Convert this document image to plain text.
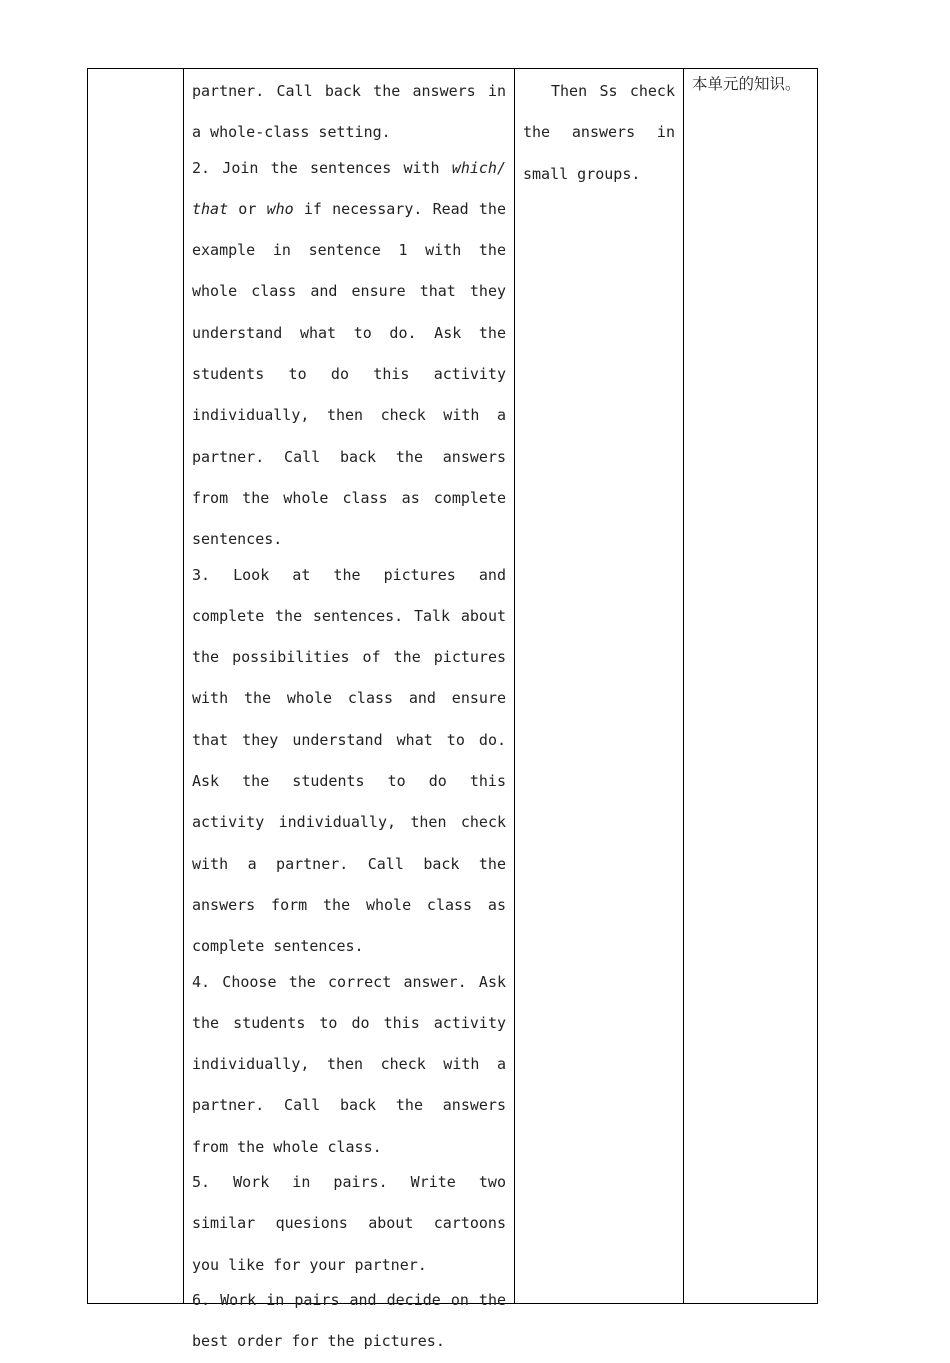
partner. Call back the answers in a whole-class setting.

2. Join the sentences with which/ that or who if necessary. Read the example in sentence 1 with the whole class and ensure that they understand what to do. Ask the students to do this activity individually, then check with a partner. Call back the answers from the whole class as complete sentences.

3. Look at the pictures and complete the sentences. Talk about the possibilities of the pictures with the whole class and ensure that they understand what to do. Ask the students to do this activity individually, then check with a partner. Call back the answers form the whole class as complete sentences.

4. Choose the correct answer. Ask the students to do this activity individually, then check with a partner. Call back the answers from the whole class.

5. Work in pairs. Write two similar quesions about cartoons you like for your partner.

6. Work in pairs and decide on the best order for the pictures.

Then Ss check the answers in small groups.

本单元的知识。
